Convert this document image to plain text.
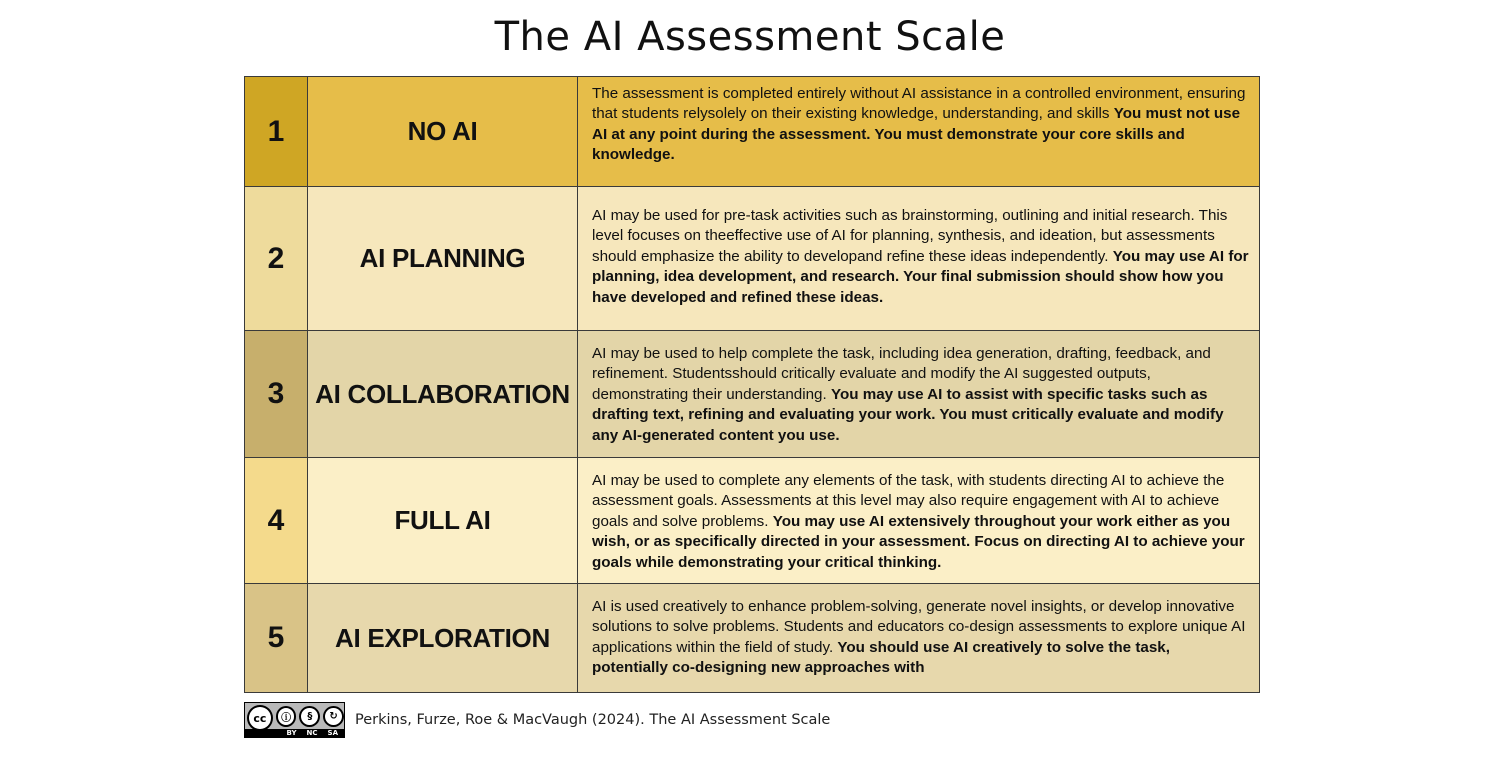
The AI Assessment Scale
1	NO AI	The assessment is completed entirely without AI assistance in a controlled environment, ensuring that students relysolely on their existing knowledge, understanding, and skills You must not use AI at any point during the assessment. You must demonstrate your core skills and knowledge.

2	AI PLANNING	AI may be used for pre-task activities such as brainstorming, outlining and initial research. This level focuses on theeffective use of AI for planning, synthesis, and ideation, but assessments should emphasize the ability to developand refine these ideas independently. You may use AI for planning, idea development, and research. Your final submission should show how you have developed and refined these ideas.

3	AI COLLABORATION	AI may be used to help complete the task, including idea generation, drafting, feedback, and refinement. Studentsshould critically evaluate and modify the AI suggested outputs, demonstrating their understanding. You may use AI to assist with specific tasks such as drafting text, refining and evaluating your work. You must critically evaluate and modify any AI-generated content you use.

4	FULL AI	AI may be used to complete any elements of the task, with students directing AI to achieve the assessment goals. Assessments at this level may also require engagement with AI to achieve goals and solve problems. You may use AI extensively throughout your work either as you wish, or as specifically directed in your assessment. Focus on directing AI to achieve your goals while demonstrating your critical thinking.

5	AI EXPLORATION	AI is used creatively to enhance problem-solving, generate novel insights, or develop innovative solutions to solve problems. Students and educators co-design assessments to explore unique AI applications within the field of study. You should use AI creatively to solve the task, potentially co-designing new approaches with
cc	ⓘ	§	↻
BY NC SA
Perkins, Furze, Roe & MacVaugh (2024). The AI Assessment Scale
